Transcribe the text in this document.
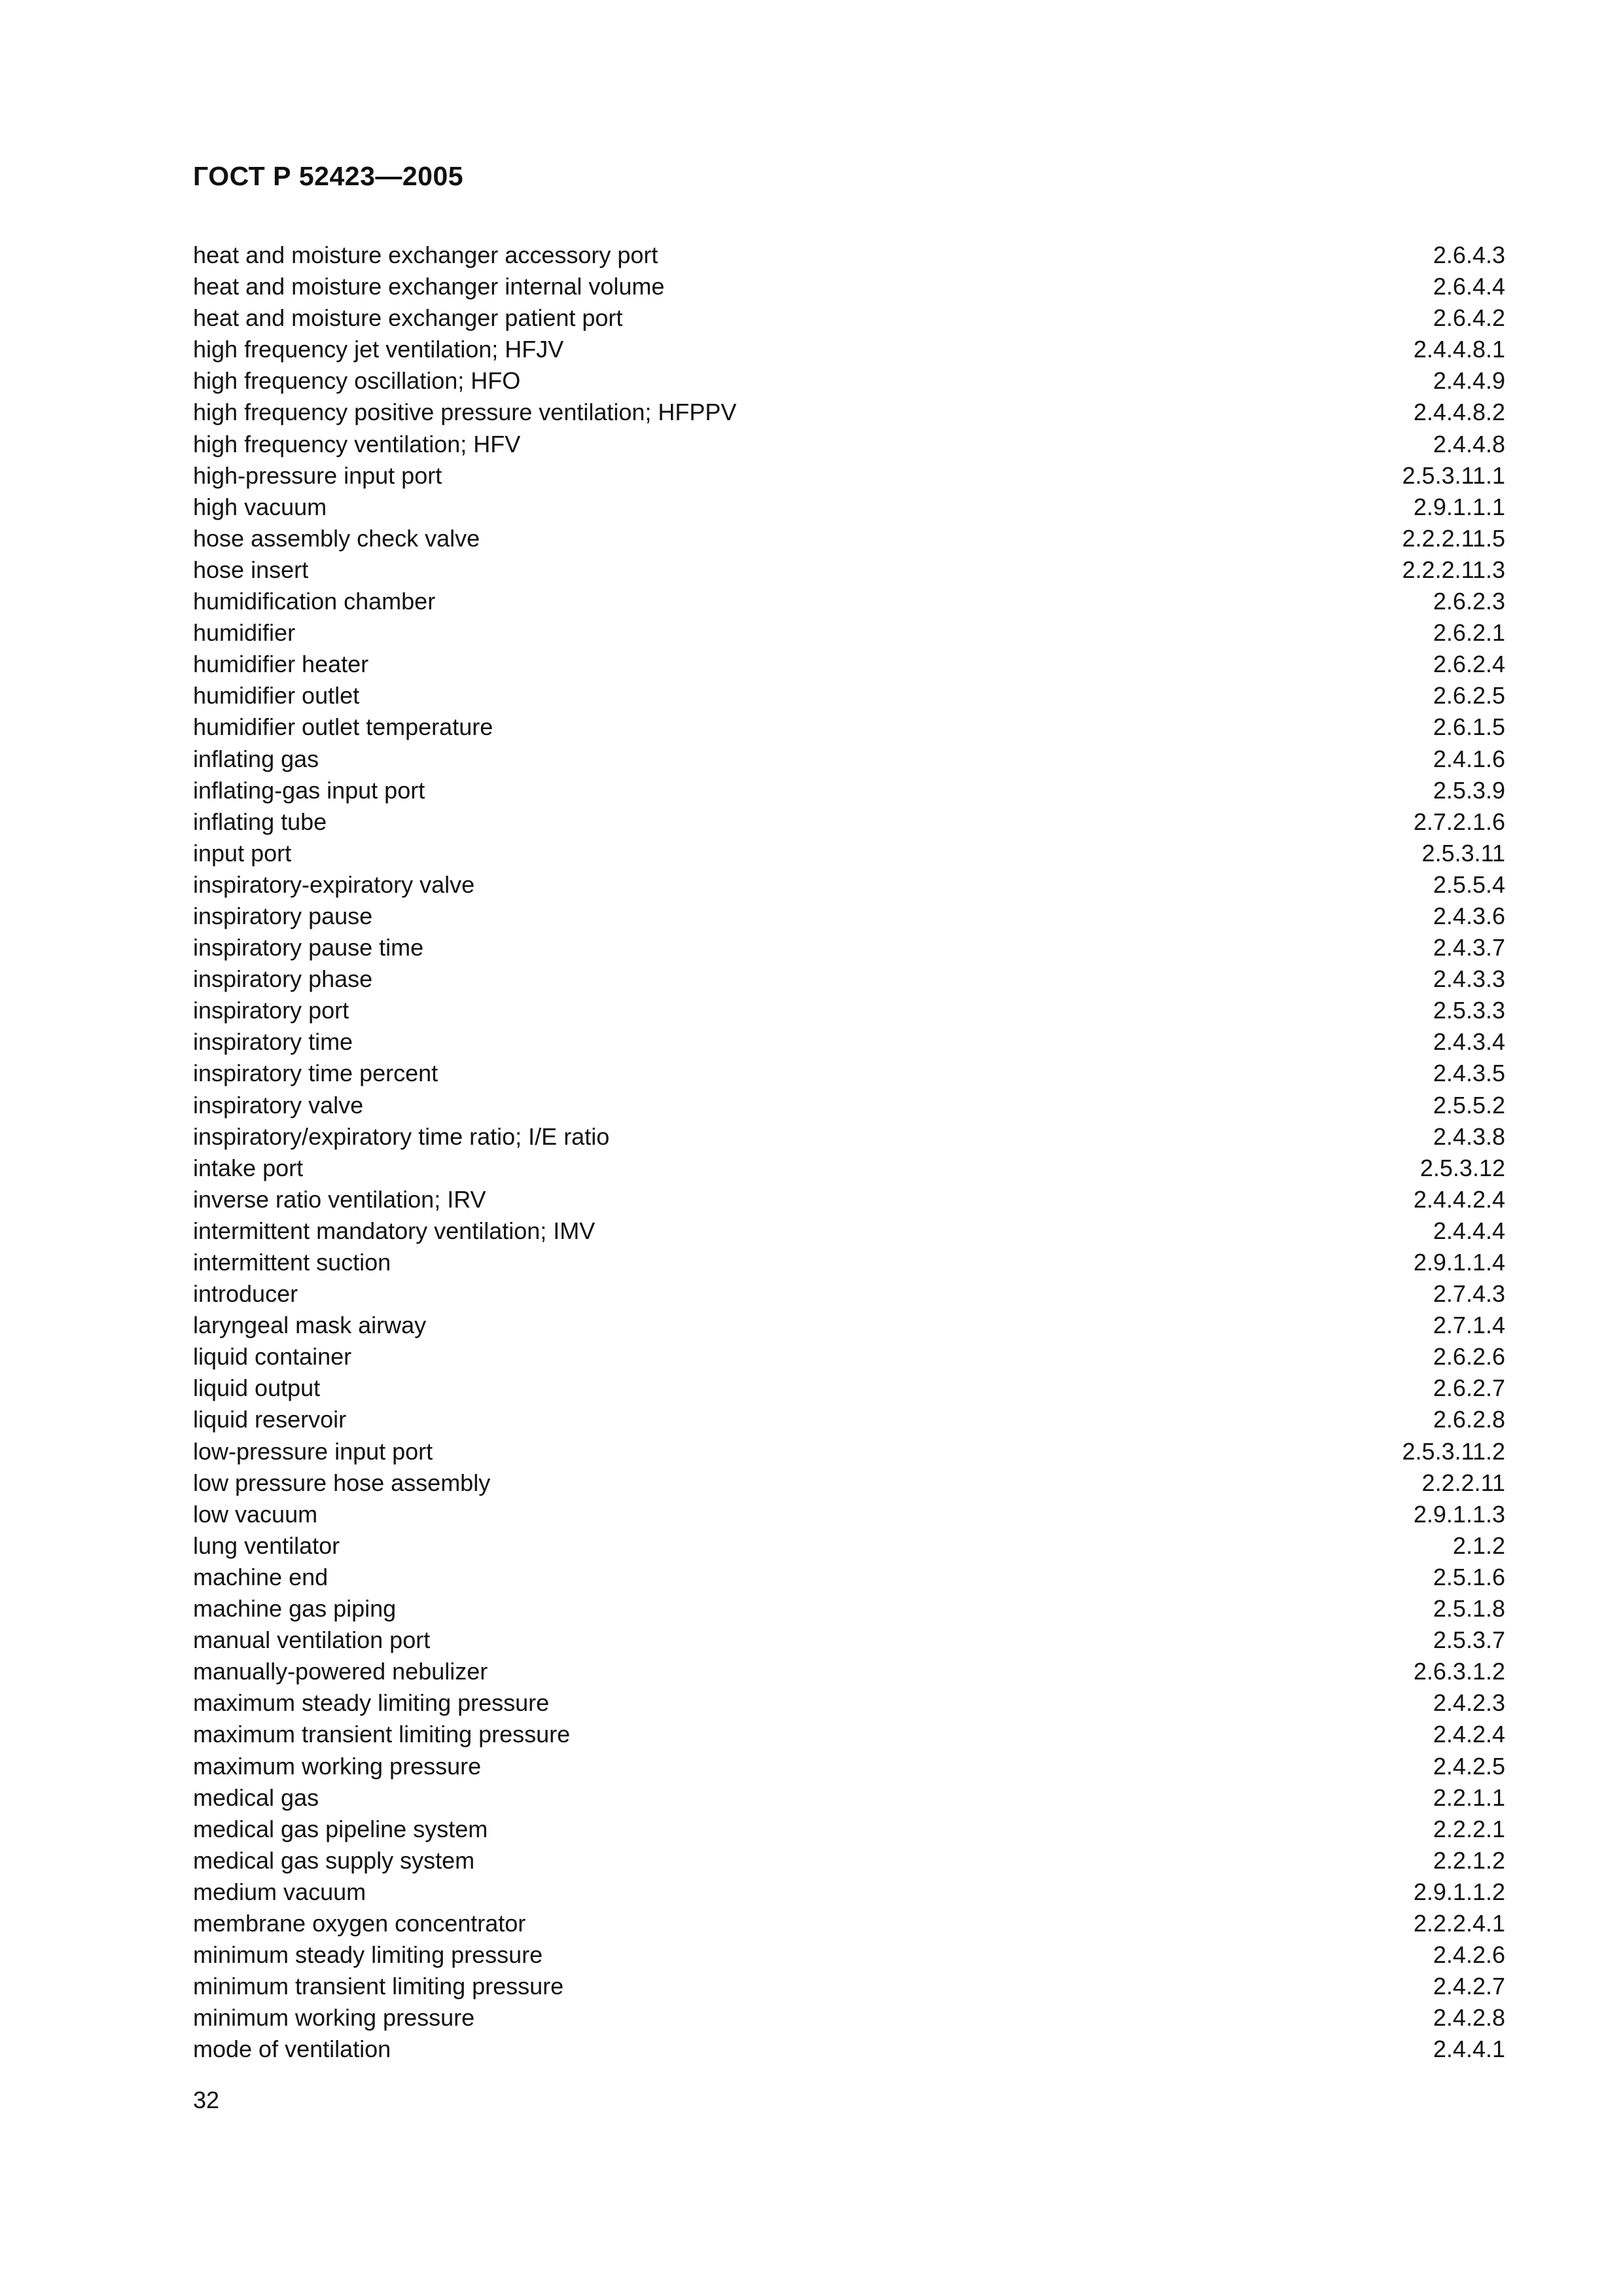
ГОСТ Р 52423—2005
heat and moisture exchanger accessory port	2.6.4.3
heat and moisture exchanger internal volume	2.6.4.4
heat and moisture exchanger patient port	2.6.4.2
high frequency jet ventilation; HFJV	2.4.4.8.1
high frequency oscillation; HFO	2.4.4.9
high frequency positive pressure ventilation; HFPPV	2.4.4.8.2
high frequency ventilation; HFV	2.4.4.8
high-pressure input port	2.5.3.11.1
high vacuum	2.9.1.1.1
hose assembly check valve	2.2.2.11.5
hose insert	2.2.2.11.3
humidification chamber	2.6.2.3
humidifier	2.6.2.1
humidifier heater	2.6.2.4
humidifier outlet	2.6.2.5
humidifier outlet temperature	2.6.1.5
inflating gas	2.4.1.6
inflating-gas input port	2.5.3.9
inflating tube	2.7.2.1.6
input port	2.5.3.11
inspiratory-expiratory valve	2.5.5.4
inspiratory pause	2.4.3.6
inspiratory pause time	2.4.3.7
inspiratory phase	2.4.3.3
inspiratory port	2.5.3.3
inspiratory time	2.4.3.4
inspiratory time percent	2.4.3.5
inspiratory valve	2.5.5.2
inspiratory/expiratory time ratio; I/E ratio	2.4.3.8
intake port	2.5.3.12
inverse ratio ventilation; IRV	2.4.4.2.4
intermittent mandatory ventilation; IMV	2.4.4.4
intermittent suction	2.9.1.1.4
introducer	2.7.4.3
laryngeal mask airway	2.7.1.4
liquid container	2.6.2.6
liquid output	2.6.2.7
liquid reservoir	2.6.2.8
low-pressure input port	2.5.3.11.2
low pressure hose assembly	2.2.2.11
low vacuum	2.9.1.1.3
lung ventilator	2.1.2
machine end	2.5.1.6
machine gas piping	2.5.1.8
manual ventilation port	2.5.3.7
manually-powered nebulizer	2.6.3.1.2
maximum steady limiting pressure	2.4.2.3
maximum transient limiting pressure	2.4.2.4
maximum working pressure	2.4.2.5
medical gas	2.2.1.1
medical gas pipeline system	2.2.2.1
medical gas supply system	2.2.1.2
medium vacuum	2.9.1.1.2
membrane oxygen concentrator	2.2.2.4.1
minimum steady limiting pressure	2.4.2.6
minimum transient limiting pressure	2.4.2.7
minimum working pressure	2.4.2.8
mode of ventilation	2.4.4.1
32
